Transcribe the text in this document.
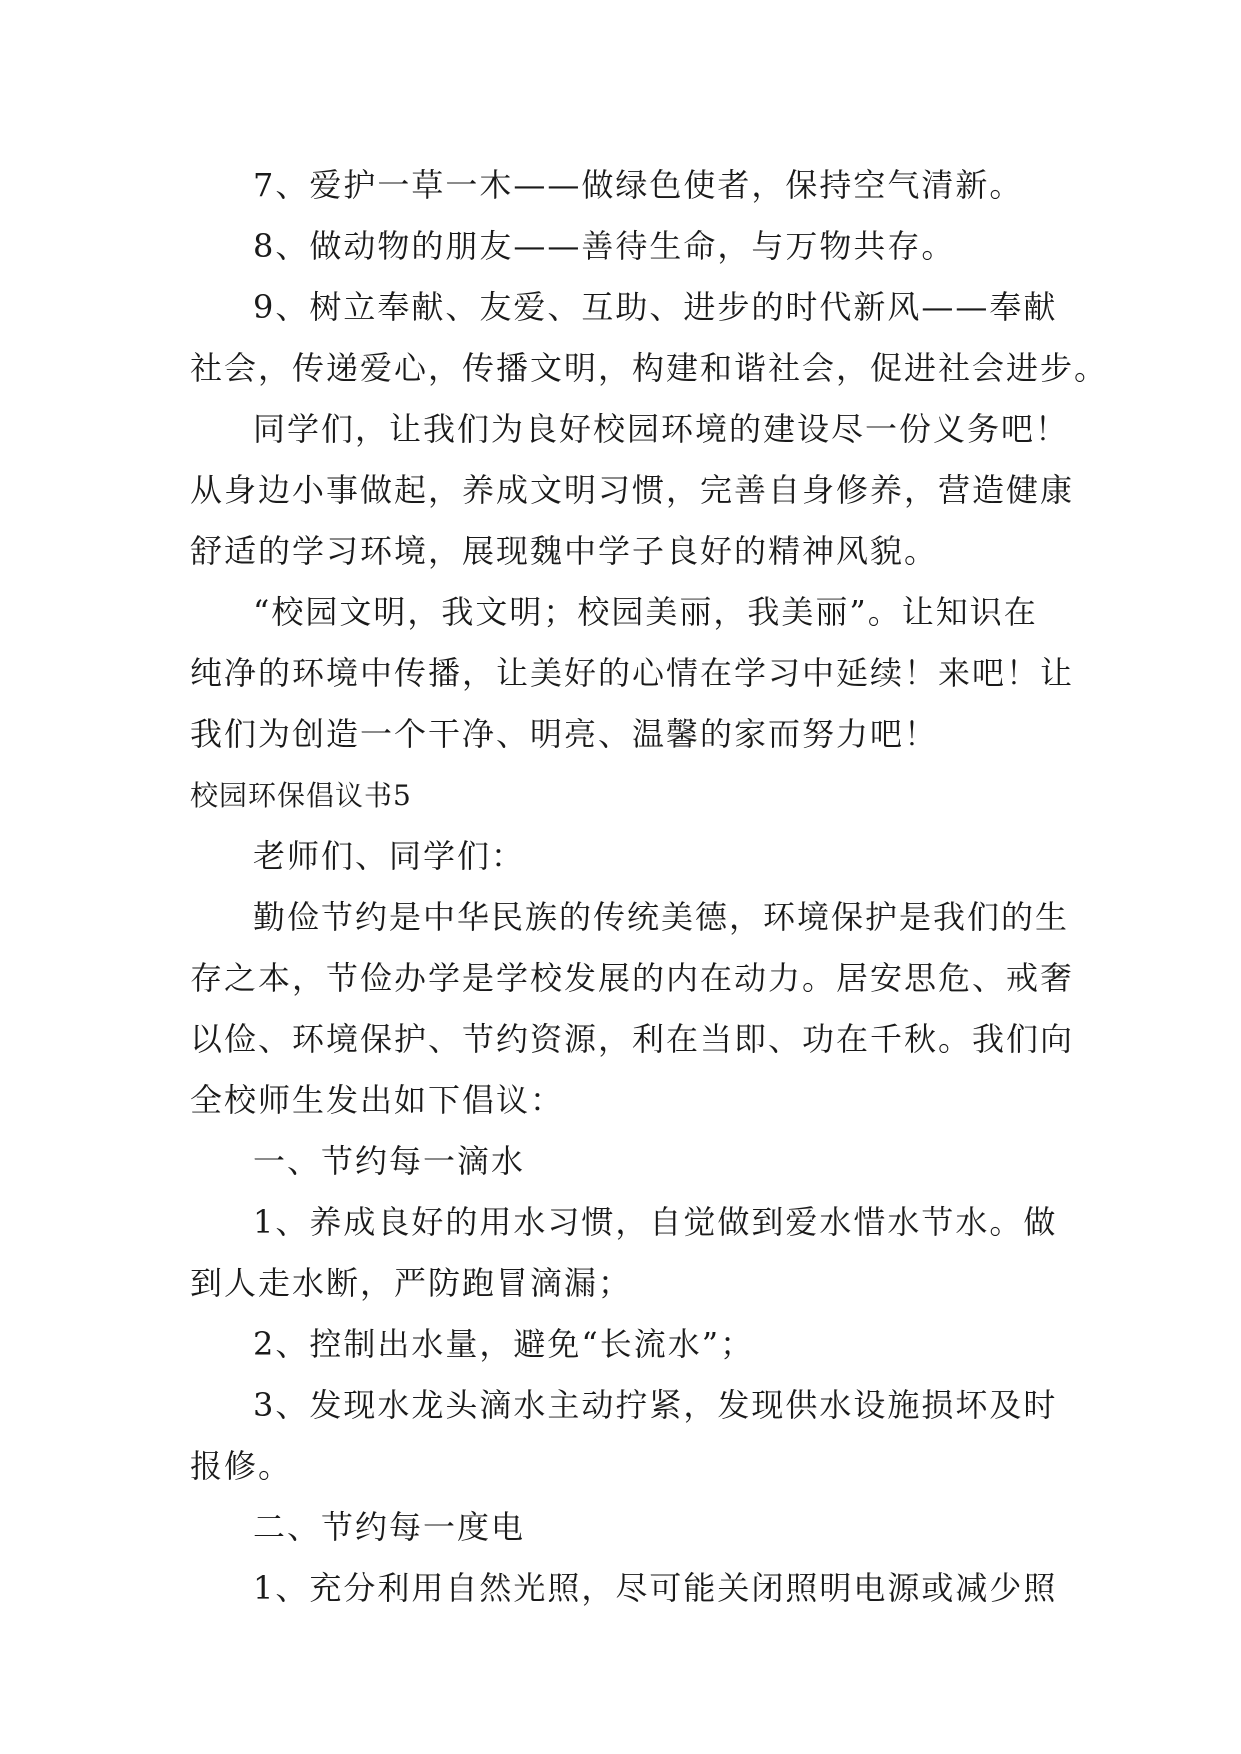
7、爱护一草一木——做绿色使者，保持空气清新。
8、做动物的朋友——善待生命，与万物共存。
9、树立奉献、友爱、互助、进步的时代新风——奉献
社会，传递爱心，传播文明，构建和谐社会，促进社会进步。
同学们，让我们为良好校园环境的建设尽一份义务吧！
从身边小事做起，养成文明习惯，完善自身修养，营造健康
舒适的学习环境，展现魏中学子良好的精神风貌。
“校园文明，我文明；校园美丽，我美丽”。让知识在
纯净的环境中传播，让美好的心情在学习中延续！来吧！让
我们为创造一个干净、明亮、温馨的家而努力吧！
校园环保倡议书5
老师们、同学们：
勤俭节约是中华民族的传统美德，环境保护是我们的生
存之本，节俭办学是学校发展的内在动力。居安思危、戒奢
以俭、环境保护、节约资源，利在当即、功在千秋。我们向
全校师生发出如下倡议：
一、节约每一滴水
1、养成良好的用水习惯，自觉做到爱水惜水节水。做
到人走水断，严防跑冒滴漏；
2、控制出水量，避免“长流水”；
3、发现水龙头滴水主动拧紧，发现供水设施损坏及时
报修。
二、节约每一度电
1、充分利用自然光照，尽可能关闭照明电源或减少照
